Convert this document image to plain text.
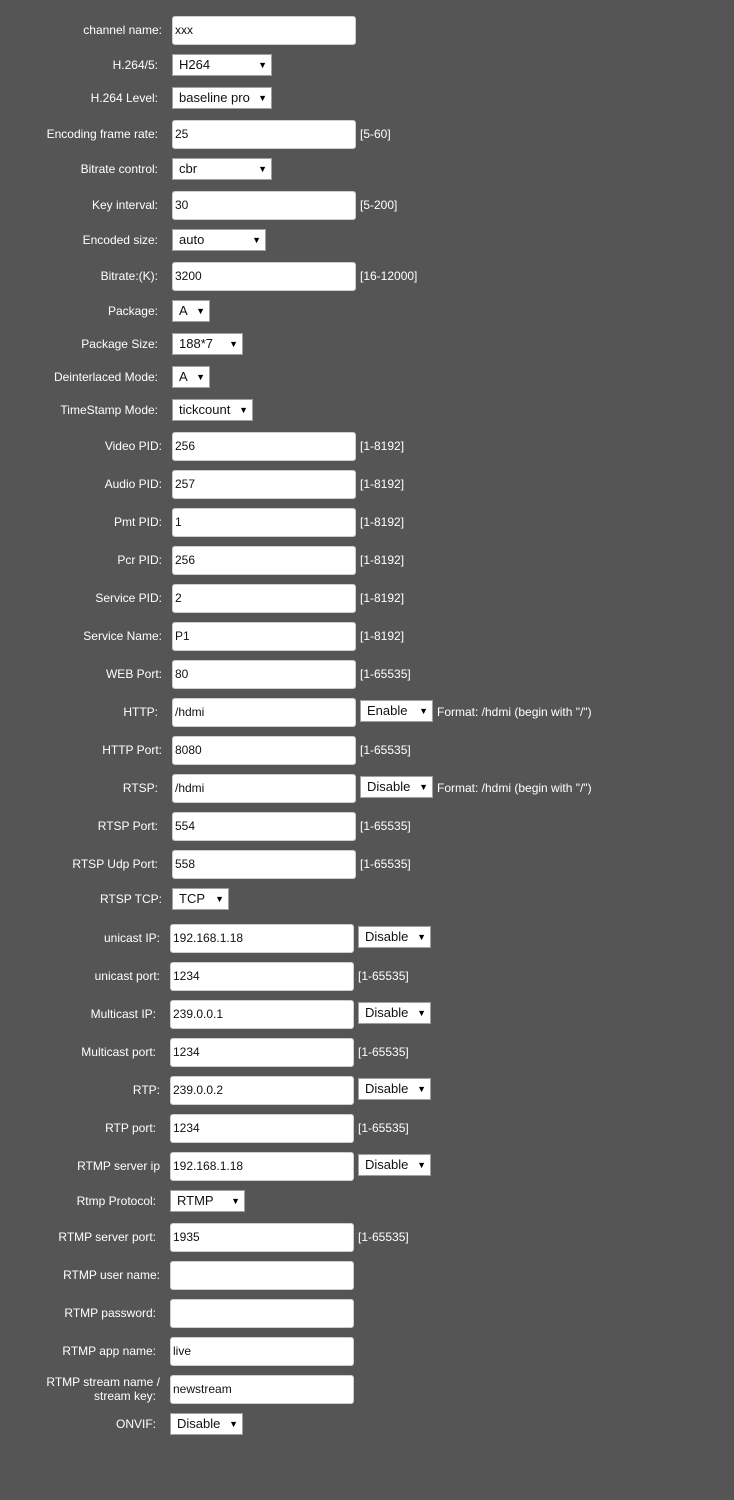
channel name: xxx
H.264/5:	H264	▼
H.264 Level:	baseline pro ▼
Encoding frame rate: 25	[5-60]
Bitrate control:	cbr	▼
Key interval: 30	[5-200]
Encoded size:	auto	▼
Bitrate:(K): 3200	[16-12000]
Package:	A ▼
Package Size:	188*7 ▼
Deinterlaced Mode:	A ▼
TimeStamp Mode:	tickcount ▼
Video PID: 256	[1-8192]
Audio PID: 257	[1-8192]
Pmt PID: 1	[1-8192]
Pcr PID: 256	[1-8192]
Service PID: 2	[1-8192]
Service Name: P1	[1-8192]
WEB Port: 80	[1-65535]
HTTP: /hdmi	Enable ▼ Format: /hdmi (begin with "/")
HTTP Port: 8080	[1-65535]
RTSP: /hdmi	Disable ▼ Format: /hdmi (begin with "/")
RTSP Port: 554	[1-65535]
RTSP Udp Port: 558	[1-65535]
RTSP TCP:	TCP ▼
unicast IP: 192.168.1.18	Disable ▼
unicast port: 1234	[1-65535]
Multicast IP: 239.0.0.1	Disable ▼
Multicast port: 1234	[1-65535]
RTP: 239.0.0.2	Disable ▼
RTP port: 1234	[1-65535]
RTMP server ip 192.168.1.18	Disable ▼
Rtmp Protocol:	RTMP ▼
RTMP server port: 1935	[1-65535]
RTMP user name:
RTMP password:
RTMP app name: live
RTMP stream name /
stream key: newstream
ONVIF:	Disable ▼
